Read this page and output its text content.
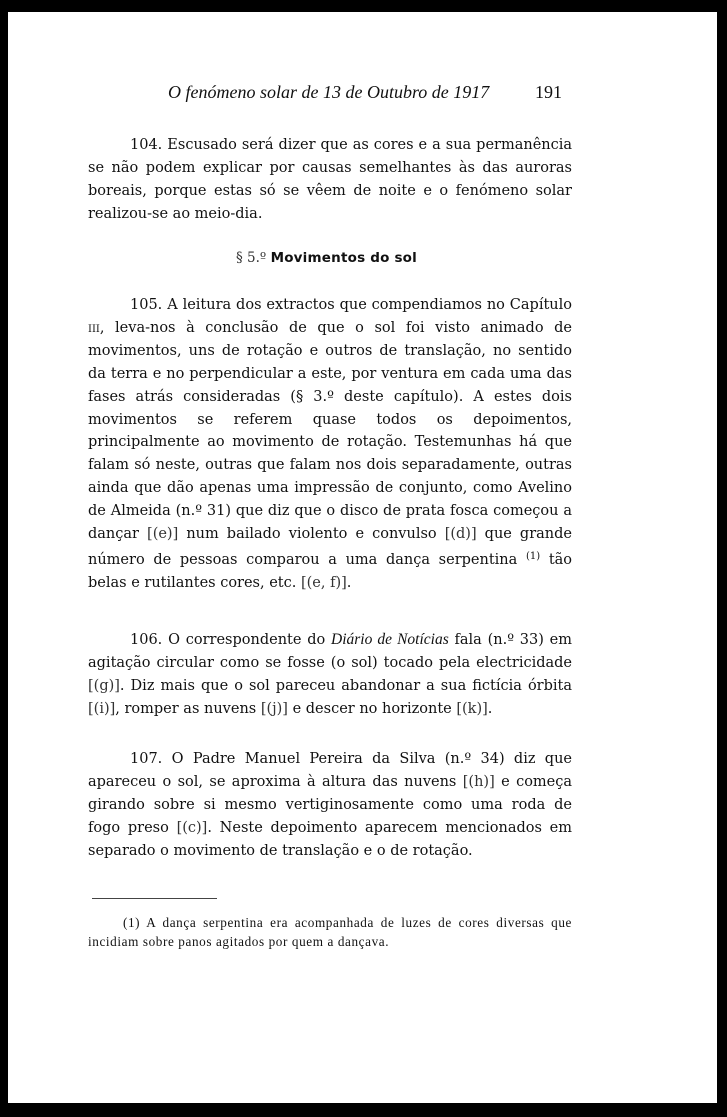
O fenómeno solar de 13 de Outubro de 1917	191

104. Escusado será dizer que as cores e a sua permanência se não podem explicar por causas semelhantes às das auroras boreais, porque estas só se vêem de noite e o fenómeno solar realizou-se ao meio-dia.

§ 5.º Movimentos do sol

105. A leitura dos extractos que compendiamos no Capítulo iii, leva-nos à conclusão de que o sol foi visto animado de movimentos, uns de rotação e outros de translação, no sentido da terra e no perpendicular a este, por ventura em cada uma das fases atrás consideradas (§ 3.º deste capítulo). A estes dois movimentos se referem quase todos os depoimentos, principalmente ao movimento de rotação. Testemunhas há que falam só neste, outras que falam nos dois separadamente, outras ainda que dão apenas uma impressão de conjunto, como Avelino de Almeida (n.º 31) que diz que o disco de prata fosca começou a dançar [(e)] num bailado violento e convulso [(d)] que grande número de pessoas comparou a uma dança serpentina $^{(1)}$ tão belas e rutilantes cores, etc. [(e, f)].

106. O correspondente do Diário de Notícias fala (n.º 33) em agitação circular como se fosse (o sol) tocado pela electricidade [(g)]. Diz mais que o sol pareceu abandonar a sua fictícia órbita [(i)], romper as nuvens [(j)] e descer no horizonte [(k)].

107. O Padre Manuel Pereira da Silva (n.º 34) diz que apareceu o sol, se aproxima à altura das nuvens [(h)] e começa girando sobre si mesmo vertiginosamente como uma roda de fogo preso [(c)]. Neste depoimento aparecem mencionados em separado o movimento de translação e o de rotação.

(1) A dança serpentina era acompanhada de luzes de cores diversas que incidiam sobre panos agitados por quem a dançava.
